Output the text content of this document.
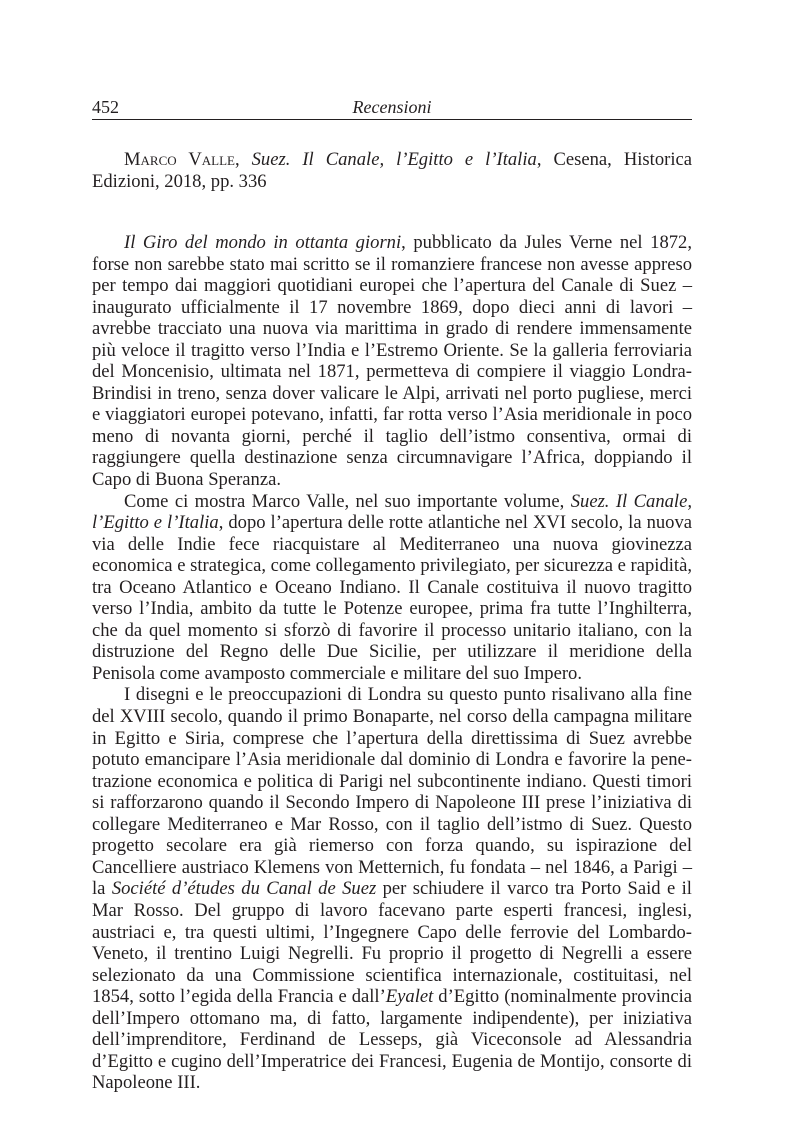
452	Recensioni

Marco Valle, Suez. Il Canale, l’Egitto e l’Italia, Cesena, Historica Edizioni, 2018, pp. 336

Il Giro del mondo in ottanta giorni, pubblicato da Jules Verne nel 1872, forse non sarebbe stato mai scritto se il romanziere francese non avesse appreso per tempo dai maggiori quotidiani europei che l’apertura del Canale di Suez – inaugurato ufficialmente il 17 novembre 1869, dopo dieci anni di lavori – avrebbe tracciato una nuova via marittima in grado di rendere immensamente più veloce il tragitto verso l’India e l’Estremo Oriente. Se la galleria ferroviaria del Moncenisio, ultimata nel 1871, permetteva di compiere il viaggio Londra-Brindisi in treno, senza dover valicare le Alpi, arrivati nel porto pugliese, merci e viaggiatori europei potevano, infatti, far rotta verso l’Asia meridionale in poco meno di novanta giorni, perché il taglio dell’istmo consentiva, ormai di raggiungere quella destinazione senza circumnavigare l’Africa, doppiando il Capo di Buona Speranza.

Come ci mostra Marco Valle, nel suo importante volume, Suez. Il Canale, l’Egitto e l’Italia, dopo l’apertura delle rotte atlantiche nel XVI secolo, la nuova via delle Indie fece riacquistare al Mediterraneo una nuova giovinezza economica e strategica, come collegamento privilegiato, per sicurezza e rapidità, tra Oceano Atlantico e Oceano Indiano. Il Canale costituiva il nuovo tragitto verso l’India, ambito da tutte le Potenze europee, prima fra tutte l’Inghilterra, che da quel momento si sforzò di favorire il processo unitario italiano, con la distruzione del Regno delle Due Sicilie, per utilizzare il meridione della Penisola come avamposto commerciale e militare del suo Impero.

I disegni e le preoccupazioni di Londra su questo punto risalivano alla fine del XVIII secolo, quando il primo Bonaparte, nel corso della campagna militare in Egitto e Siria, comprese che l’apertura della direttissima di Suez avrebbe potuto emancipare l’Asia meridionale dal dominio di Londra e favorire la penetrazione economica e politica di Parigi nel subcontinente indiano. Questi timori si rafforzarono quando il Secondo Impero di Napoleone III prese l’iniziativa di collegare Mediterraneo e Mar Rosso, con il taglio dell’istmo di Suez. Questo progetto secolare era già riemerso con forza quando, su ispirazione del Cancelliere austriaco Klemens von Metternich, fu fondata – nel 1846, a Parigi – la Société d’études du Canal de Suez per schiudere il varco tra Porto Said e il Mar Rosso. Del gruppo di lavoro facevano parte esperti francesi, inglesi, austriaci e, tra questi ultimi, l’Ingegnere Capo delle ferrovie del Lombardo-Veneto, il trentino Luigi Negrelli. Fu proprio il progetto di Negrelli a essere selezionato da una Commissione scientifica internazionale, costituitasi, nel 1854, sotto l’egida della Francia e dall’Eyalet d’Egitto (nominalmente provincia dell’Impero ottomano ma, di fatto, largamente indipendente), per iniziativa dell’imprenditore, Ferdinand de Lesseps, già Viceconsole ad Alessandria d’Egitto e cugino dell’Imperatrice dei Francesi, Eugenia de Montijo, consorte di Napoleone III.
